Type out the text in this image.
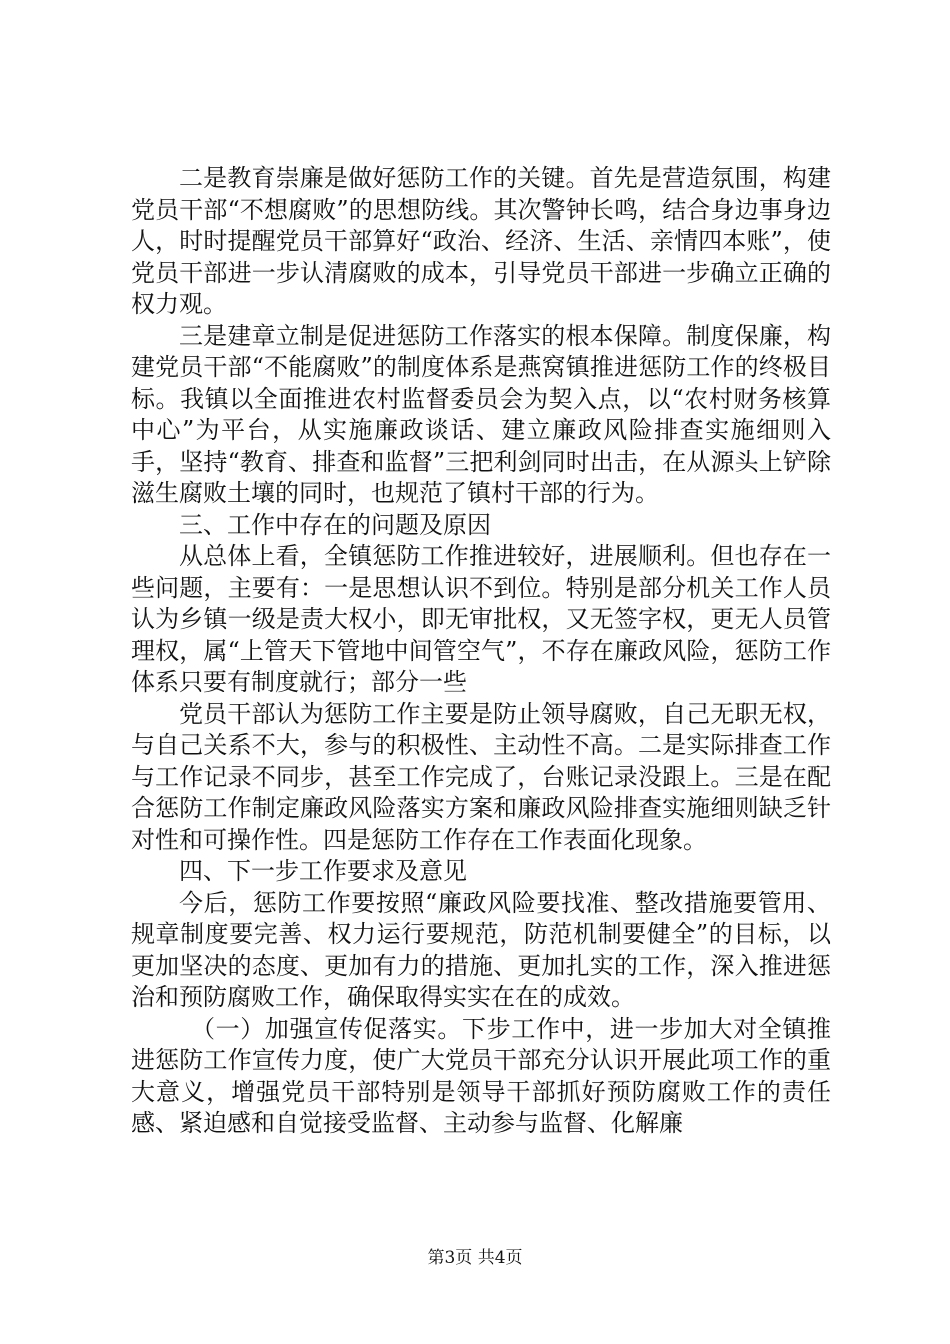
二是教育崇廉是做好惩防工作的关键。首先是营造氛围，构建党员干部“不想腐败”的思想防线。其次警钟长鸣，结合身边事身边人，时时提醒党员干部算好“政治、经济、生活、亲情四本账”，使党员干部进一步认清腐败的成本，引导党员干部进一步确立正确的权力观。

三是建章立制是促进惩防工作落实的根本保障。制度保廉，构建党员干部“不能腐败”的制度体系是燕窝镇推进惩防工作的终极目标。我镇以全面推进农村监督委员会为契入点，以“农村财务核算中心”为平台，从实施廉政谈话、建立廉政风险排查实施细则入手，坚持“教育、排查和监督”三把利剑同时出击，在从源头上铲除滋生腐败土壤的同时，也规范了镇村干部的行为。

三、工作中存在的问题及原因

从总体上看，全镇惩防工作推进较好，进展顺利。但也存在一些问题，主要有：一是思想认识不到位。特别是部分机关工作人员认为乡镇一级是责大权小，即无审批权，又无签字权，更无人员管理权，属“上管天下管地中间管空气”，不存在廉政风险，惩防工作体系只要有制度就行；部分一些

党员干部认为惩防工作主要是防止领导腐败，自己无职无权，与自己关系不大，参与的积极性、主动性不高。二是实际排查工作与工作记录不同步，甚至工作完成了，台账记录没跟上。三是在配合惩防工作制定廉政风险落实方案和廉政风险排查实施细则缺乏针对性和可操作性。四是惩防工作存在工作表面化现象。

四、下一步工作要求及意见

今后，惩防工作要按照“廉政风险要找准、整改措施要管用、规章制度要完善、权力运行要规范，防范机制要健全”的目标，以更加坚决的态度、更加有力的措施、更加扎实的工作，深入推进惩治和预防腐败工作，确保取得实实在在的成效。

（一）加强宣传促落实。下步工作中，进一步加大对全镇推进惩防工作宣传力度，使广大党员干部充分认识开展此项工作的重大意义，增强党员干部特别是领导干部抓好预防腐败工作的责任感、紧迫感和自觉接受监督、主动参与监督、化解廉

第3页 共4页
